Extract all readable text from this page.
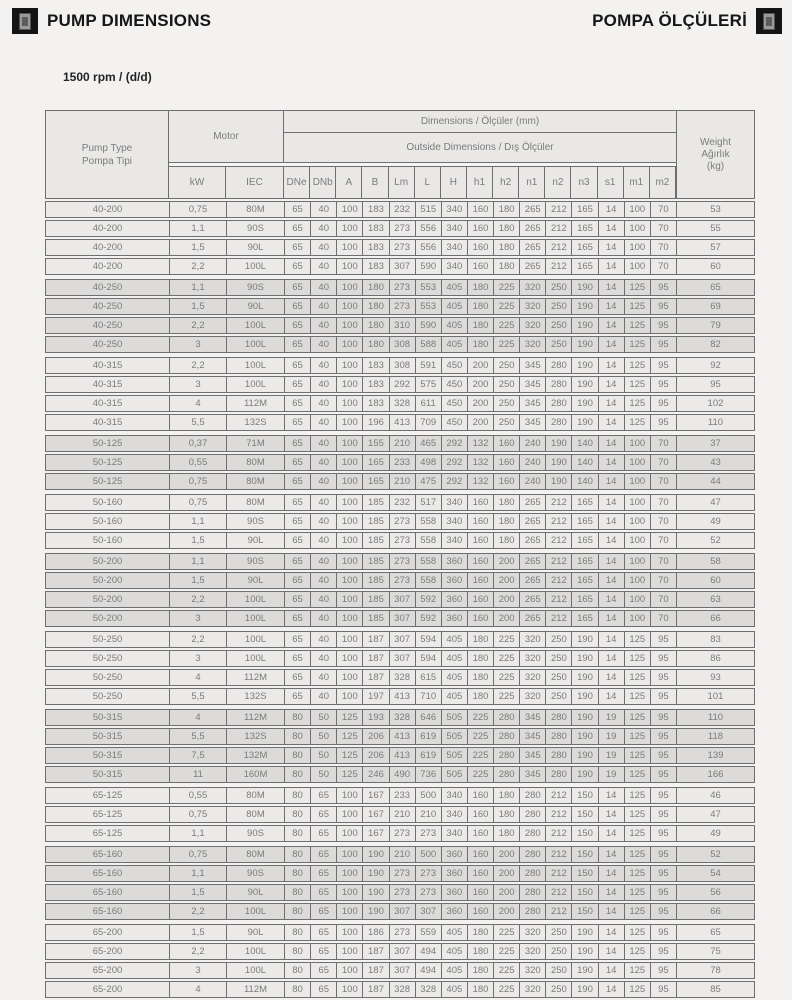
PUMP DIMENSIONS	POMPA ÖLÇÜLERİ
1500 rpm / (d/d)
Pump Type
Pompa Tipi
Motor
Dimensions / Ölçüler (mm)
Outside Dimensions / Dış Ölçüler
kW	IEC	DNe DNb	A	B	Lm	L	H	h1	h2	n1	n2	n3	s1	m1	m2
Weight
Ağırlık
(kg)
40-200	0,75	80M	65	40	100	183	232	515	340	160	180	265	212	165	14	100	70	53
40-200	1,1	90S	65	40	100	183	273	556	340	160	180	265	212	165	14	100	70	55
40-200	1,5	90L	65	40	100	183	273	556	340	160	180	265	212	165	14	100	70	57
40-200	2,2	100L	65	40	100	183	307	590	340	160	180	265	212	165	14	100	70	60
40-250	1,1	90S	65	40	100	180	273	553	405	180	225	320	250	190	14	125	95	65
40-250	1,5	90L	65	40	100	180	273	553	405	180	225	320	250	190	14	125	95	69
40-250	2,2	100L	65	40	100	180	310	590	405	180	225	320	250	190	14	125	95	79
40-250	3	100L	65	40	100	180	308	588	405	180	225	320	250	190	14	125	95	82
40-315	2,2	100L	65	40	100	183	308	591	450	200	250	345	280	190	14	125	95	92
40-315	3	100L	65	40	100	183	292	575	450	200	250	345	280	190	14	125	95	95
40-315	4	112M	65	40	100	183	328	611	450	200	250	345	280	190	14	125	95	102
40-315	5,5	132S	65	40	100	196	413	709	450	200	250	345	280	190	14	125	95	110
50-125	0,37	71M	65	40	100	155	210	465	292	132	160	240	190	140	14	100	70	37
50-125	0,55	80M	65	40	100	165	233	498	292	132	160	240	190	140	14	100	70	43
50-125	0,75	80M	65	40	100	165	210	475	292	132	160	240	190	140	14	100	70	44
50-160	0,75	80M	65	40	100	185	232	517	340	160	180	265	212	165	14	100	70	47
50-160	1,1	90S	65	40	100	185	273	558	340	160	180	265	212	165	14	100	70	49
50-160	1,5	90L	65	40	100	185	273	558	340	160	180	265	212	165	14	100	70	52
50-200	1,1	90S	65	40	100	185	273	558	360	160	200	265	212	165	14	100	70	58
50-200	1,5	90L	65	40	100	185	273	558	360	160	200	265	212	165	14	100	70	60
50-200	2,2	100L	65	40	100	185	307	592	360	160	200	265	212	165	14	100	70	63
50-200	3	100L	65	40	100	185	307	592	360	160	200	265	212	165	14	100	70	66
50-250	2,2	100L	65	40	100	187	307	594	405	180	225	320	250	190	14	125	95	83
50-250	3	100L	65	40	100	187	307	594	405	180	225	320	250	190	14	125	95	86
50-250	4	112M	65	40	100	187	328	615	405	180	225	320	250	190	14	125	95	93
50-250	5,5	132S	65	40	100	197	413	710	405	180	225	320	250	190	14	125	95	101
50-315	4	112M	80	50	125	193	328	646	505	225	280	345	280	190	19	125	95	110
50-315	5,5	132S	80	50	125	206	413	619	505	225	280	345	280	190	19	125	95	118
50-315	7,5	132M	80	50	125	206	413	619	505	225	280	345	280	190	19	125	95	139
50-315	11	160M	80	50	125	246	490	736	505	225	280	345	280	190	19	125	95	166
65-125	0,55	80M	80	65	100	167	233	500	340	160	180	280	212	150	14	125	95	46
65-125	0,75	80M	80	65	100	167	210	210	340	160	180	280	212	150	14	125	95	47
65-125	1,1	90S	80	65	100	167	273	273	340	160	180	280	212	150	14	125	95	49
65-160	0,75	80M	80	65	100	190	210	500	360	160	200	280	212	150	14	125	95	52
65-160	1,1	90S	80	65	100	190	273	273	360	160	200	280	212	150	14	125	95	54
65-160	1,5	90L	80	65	100	190	273	273	360	160	200	280	212	150	14	125	95	56
65-160	2,2	100L	80	65	100	190	307	307	360	160	200	280	212	150	14	125	95	66
65-200	1,5	90L	80	65	100	186	273	559	405	180	225	320	250	190	14	125	95	65
65-200	2,2	100L	80	65	100	187	307	494	405	180	225	320	250	190	14	125	95	75
65-200	3	100L	80	65	100	187	307	494	405	180	225	320	250	190	14	125	95	78
65-200	4	112M	80	65	100	187	328	328	405	180	225	320	250	190	14	125	95	85
